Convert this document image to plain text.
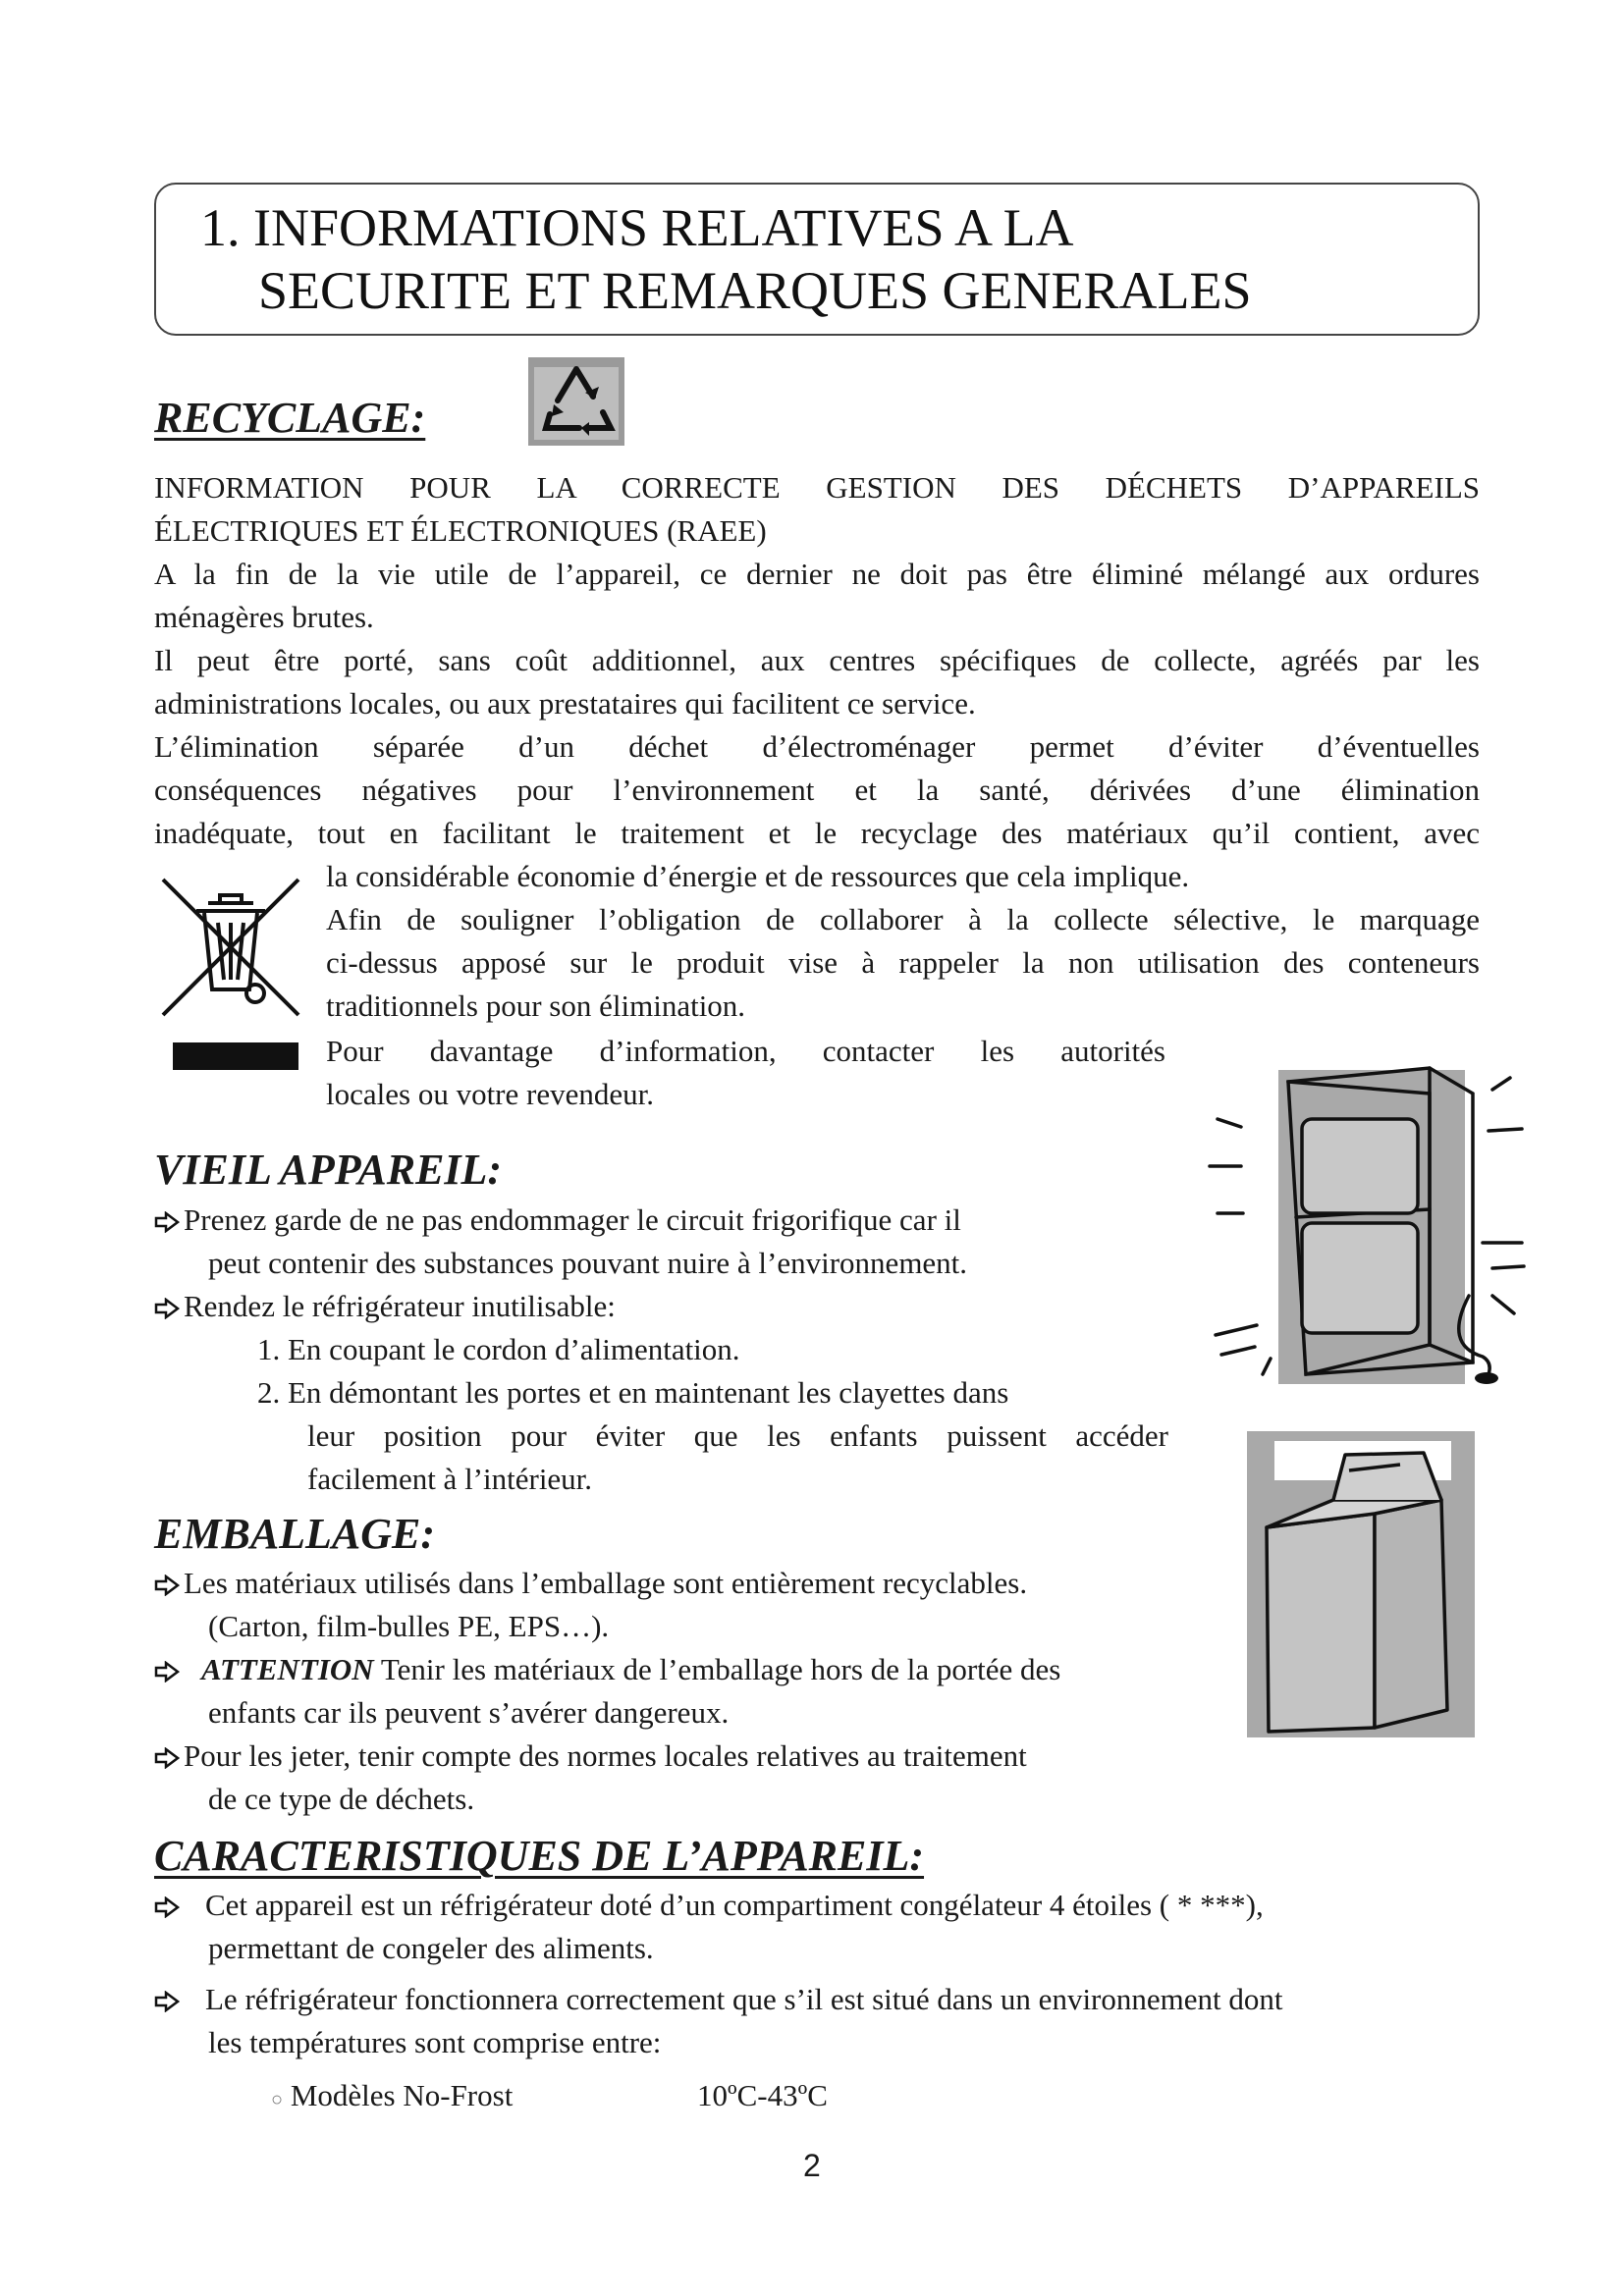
1. INFORMATIONS RELATIVES A LA
SECURITE ET REMARQUES GENERALES
RECYCLAGE:
INFORMATION POUR LA CORRECTE GESTION DES DÉCHETS D’APPAREILS
ÉLECTRIQUES ET ÉLECTRONIQUES (RAEE)
A la fin de la vie utile de l’appareil, ce dernier ne doit pas être éliminé mélangé aux ordures
ménagères brutes.
Il peut être porté, sans coût additionnel, aux centres spécifiques de collecte, agréés par les
administrations locales, ou aux prestataires qui facilitent ce service.
L’élimination séparée d’un déchet d’électroménager permet d’éviter d’éventuelles
conséquences négatives pour l’environnement et la santé, dérivées d’une élimination
inadéquate, tout en facilitant le traitement et le recyclage des matériaux qu’il contient, avec
la considérable économie d’énergie et de ressources que cela implique.
Afin de souligner l’obligation de collaborer à la collecte sélective, le marquage
ci-dessus apposé sur le produit vise à rappeler la non utilisation des conteneurs
traditionnels pour son élimination.
Pour davantage d’information, contacter les autorités
locales ou votre revendeur.
VIEIL APPAREIL:
Prenez garde de ne pas endommager le circuit frigorifique car il
peut contenir des substances pouvant nuire à l’environnement.
Rendez le réfrigérateur inutilisable:
1. En coupant le cordon d’alimentation.
2. En démontant les portes et en maintenant les clayettes dans
leur position pour éviter que les enfants puissent accéder
facilement à l’intérieur.
EMBALLAGE:
Les matériaux utilisés dans l’emballage sont entièrement recyclables.
(Carton, film-bulles PE, EPS…).
ATTENTION Tenir les matériaux de l’emballage hors de la portée des
enfants car ils peuvent s’avérer dangereux.
Pour les jeter, tenir compte des normes locales relatives au traitement
de ce type de déchets.
CARACTERISTIQUES DE L’APPAREIL:
Cet appareil est un réfrigérateur doté d’un compartiment congélateur 4 étoiles ( * ***),
permettant de congeler des aliments.
Le réfrigérateur fonctionnera correctement que s’il est situé dans un environnement dont
les températures sont comprise entre:
○ Modèles No-Frost	10ºC-43ºC
2
